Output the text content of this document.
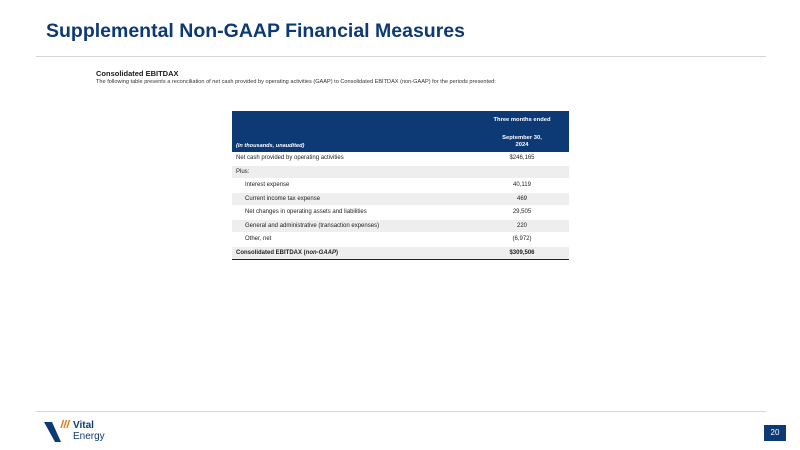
Supplemental Non-GAAP Financial Measures
Consolidated EBITDAX
The following table presents a reconciliation of net cash provided by operating activities (GAAP) to Consolidated EBITDAX (non-GAAP) for the periods presented:
	Three months ended
(in thousands, unaudited)	September 30,
2024
Net cash provided by operating activities	$246,165
Plus:	
Interest expense	40,119
Current income tax expense	469
Net changes in operating assets and liabilities	29,505
General and administrative (transaction expenses)	220
Other, net	(6,972)
Consolidated EBITDAX (non-GAAP)	$309,506
Vital
Energy	20
